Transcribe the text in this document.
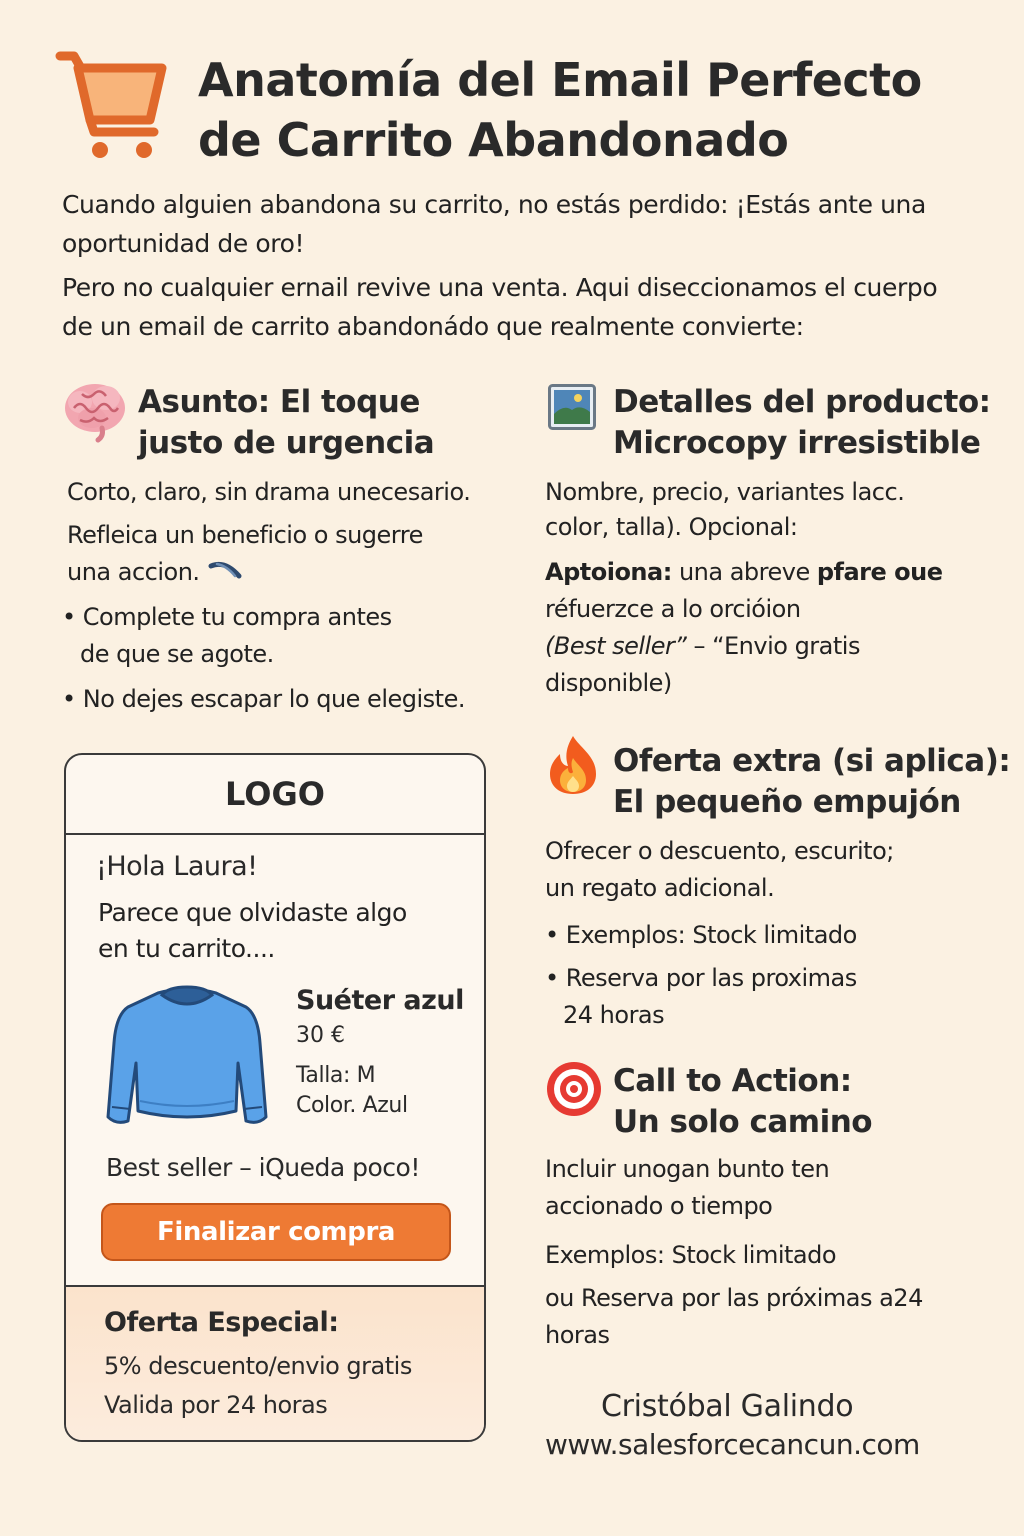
Anatomía del Email Perfecto
de Carrito Abandonado
Cuando alguien abandona su carrito, no estás perdido: ¡Estás ante una
oportunidad de oro!
Pero no cualquier ernail revive una venta. Aqui diseccionamos el cuerpo
de un email de carrito abandonádo que realmente convierte:
Asunto: El toque
justo de urgencia
Corto, claro, sin drama unecesario.
Refleica un beneficio o sugerre
una accion.
• Complete tu compra antes
de que se agote.
• No dejes escapar lo que elegiste.
LOGO
¡Hola Laura!
Parece que olvidaste algo
en tu carrito....
Suéter azul
30 €
Talla: M
Color. Azul
Best seller – iQueda poco!
Finalizar compra
Oferta Especial:
5% descuento/envio gratis
Valida por 24 horas
Detalles del producto:
Microcopy irresistible
Nombre, precio, variantes lacc.
color, talla). Opcional:
Aptoiona: una abreve pfare oue
réfuerzce a lo orcióion
(Best seller” – “Envio gratis
disponible)
Oferta extra (si aplica):
El pequeño empujón
Ofrecer o descuento, escurito;
un regato adicional.
• Exemplos: Stock limitado
• Reserva por las proximas
24 horas
Call to Action:
Un solo camino
Incluir unogan bunto ten
accionado o tiempo
Exemplos: Stock limitado
ou Reserva por las próximas a24
horas
Cristóbal Galindo
www.salesforcecancun.com
